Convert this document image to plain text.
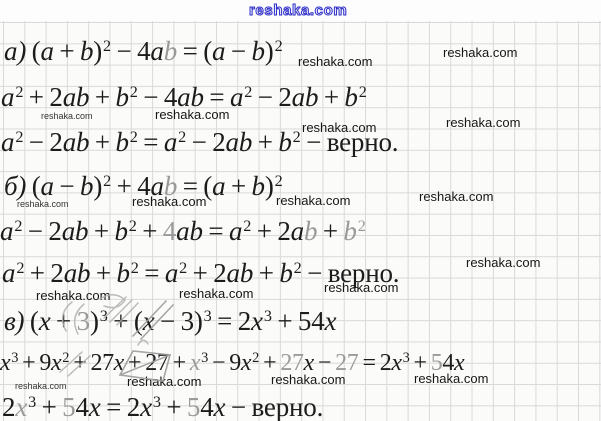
reshaka.com
reshaka.com
reshaka.com
reshaka.com	reshaka.com
reshaka.com	reshaka.com
reshaka.com	reshaka.com	reshaka.com	reshaka.com
reshaka.com
reshaka.com
reshaka.com	reshaka.com
reshaka.com	reshaka.com	reshaka.com	reshaka.com
а) $(a + b)^2 - 4ab = (a - b)^2$
$a^2 + 2ab + b^2 - 4ab = a^2 - 2ab + b^2$
$a^2 - 2ab + b^2 = a^2 - 2ab + b^2$ − верно.
б) $(a - b)^2 + 4ab = (a + b)^2$
$a^2 - 2ab + b^2 + 4ab = a^2 + 2ab + b^2$
$a^2 + 2ab + b^2 = a^2 + 2ab + b^2$ − верно.
в) $(x + 3)^3 + (x - 3)^3 = 2x^3 + 54x$
$x^3 + 9x^2 + 27x + 27 + x^3 - 9x^2 + 27x - 27 = 2x^3 + 54x$
$2x^3 + 54x = 2x^3 + 54x$ − верно.
